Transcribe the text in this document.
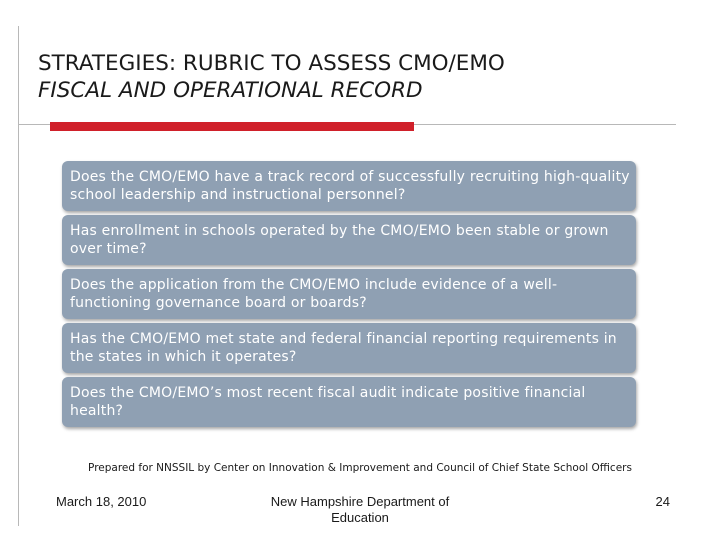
STRATEGIES: RUBRIC TO ASSESS CMO/EMO
FISCAL AND OPERATIONAL RECORD
Does the CMO/EMO have a track record of successfully recruiting high-quality school leadership and instructional personnel?
Has enrollment in schools operated by the CMO/EMO been stable or grown over time?
Does the application from the CMO/EMO include evidence of a well-functioning governance board or boards?
Has the CMO/EMO met state and federal financial reporting requirements in the states in which it operates?
Does the CMO/EMO’s most recent fiscal audit indicate positive financial health?
Prepared for NNSSIL by Center on Innovation & Improvement and Council of Chief State School Officers
March 18, 2010	New Hampshire Department of Education
24
